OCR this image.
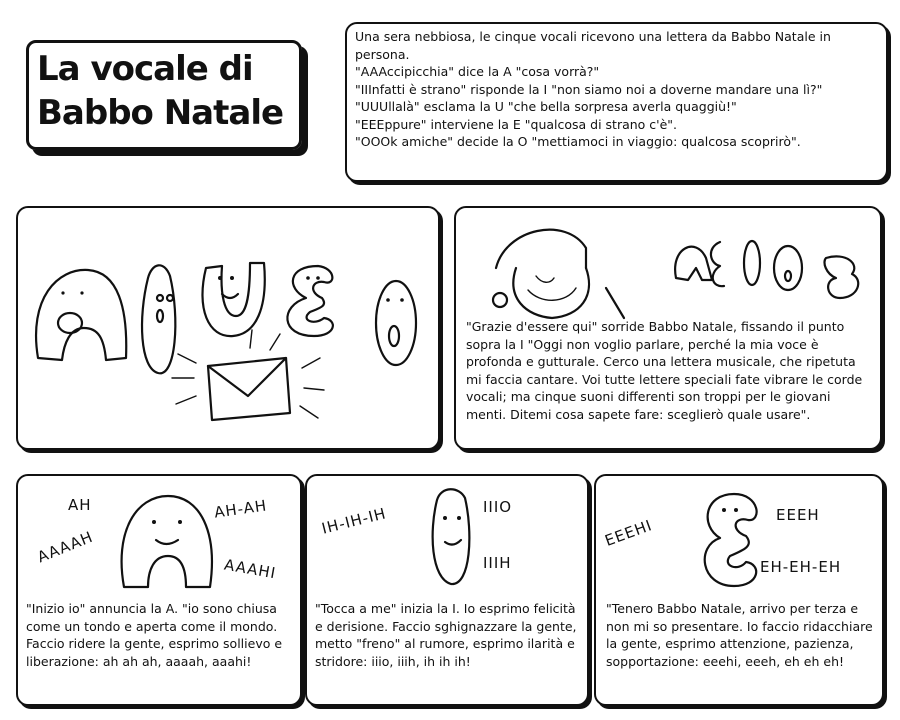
La vocale di
Babbo Natale

Una sera nebbiosa, le cinque vocali ricevono una lettera da Babbo Natale in persona.

"AAAccipicchia" dice la A "cosa vorrà?"

"IIInfatti è strano" risponde la I "non siamo noi a doverne mandare una lì?"

"UUUllalà" esclama la U "che bella sorpresa averla quaggiù!"

"EEEppure" interviene la E "qualcosa di strano c'è".

"OOOk amiche" decide la O "mettiamoci in viaggio: qualcosa scoprirò".

"Grazie d'essere qui" sorride Babbo Natale, fissando il punto sopra la I "Oggi non voglio parlare, perché la mia voce è profonda e gutturale. Cerco una lettera musicale, che ripetuta mi faccia cantare. Voi tutte lettere speciali fate vibrare le corde vocali; ma cinque suoni differenti son troppi per le giovani menti. Ditemi cosa sapete fare: sceglierò quale usare".
AH
AAAAH
AH-AH
AAAHI
"Inizio io" annuncia la A. "io sono chiusa come un tondo e aperta come il mondo. Faccio ridere la gente, esprimo sollievo e liberazione: ah ah ah, aaaah, aaahi!
IH-IH-IH	IIIO
IIIH
"Tocca a me" inizia la I. Io esprimo felicità e derisione. Faccio sghignazzare la gente, metto "freno" al rumore, esprimo ilarità e stridore: iiio, iiih, ih ih ih!
EEEHI
EEEH
EH-EH-EH
"Tenero Babbo Natale, arrivo per terza e non mi so presentare. Io faccio ridacchiare la gente, esprimo attenzione, pazienza, sopportazione: eeehi, eeeh, eh eh eh!
